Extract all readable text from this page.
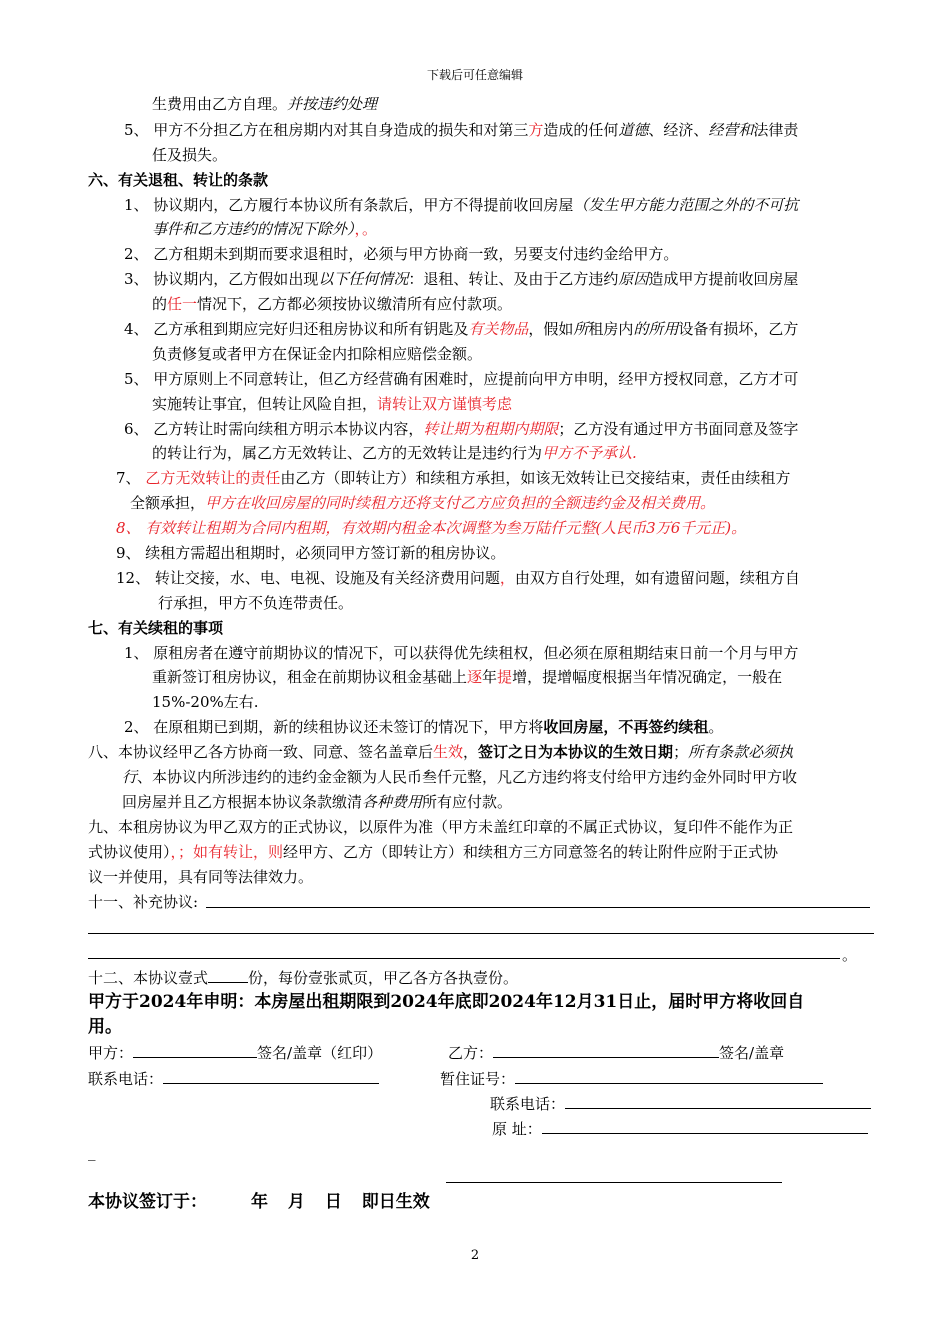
下载后可任意编辑
生费用由乙方自理。并按违约处理
5、 甲方不分担乙方在租房期内对其自身造成的损失和对第三方造成的任何道德、经济、经营和法律责
任及损失。
六、有关退租、转让的条款
1、 协议期内，乙方履行本协议所有条款后，甲方不得提前收回房屋（发生甲方能力范围之外的不可抗
事件和乙方违约的情况下除外），。
2、 乙方租期未到期而要求退租时，必须与甲方协商一致，另要支付违约金给甲方。
3、 协议期内，乙方假如出现以下任何情况：退租、转让、及由于乙方违约原因造成甲方提前收回房屋
的任一情况下，乙方都必须按协议缴清所有应付款项。
4、 乙方承租到期应完好归还租房协议和所有钥匙及有关物品，假如所租房内的所用设备有损坏，乙方
负责修复或者甲方在保证金内扣除相应赔偿金额。
5、 甲方原则上不同意转让，但乙方经营确有困难时，应提前向甲方申明，经甲方授权同意，乙方才可
实施转让事宜，但转让风险自担，请转让双方谨慎考虑
6、 乙方转让时需向续租方明示本协议内容，转让期为租期内期限；乙方没有通过甲方书面同意及签字
的转让行为，属乙方无效转让、乙方的无效转让是违约行为甲方不予承认.
7、 乙方无效转让的责任由乙方（即转让方）和续租方承担，如该无效转让已交接结束，责任由续租方
全额承担，甲方在收回房屋的同时续租方还将支付乙方应负担的全额违约金及相关费用。
8、 有效转让租期为合同内租期，有效期内租金本次调整为叁万陆仟元整(人民币3万6千元正)。
9、 续租方需超出租期时，必须同甲方签订新的租房协议。
12、 转让交接，水、电、电视、设施及有关经济费用问题，由双方自行处理，如有遗留问题，续租方自
行承担，甲方不负连带责任。
七、有关续租的事项
1、 原租房者在遵守前期协议的情况下，可以获得优先续租权，但必须在原租期结束日前一个月与甲方
重新签订租房协议，租金在前期协议租金基础上逐年提增，提增幅度根据当年情况确定，一般在
15%-20%左右.
2、 在原租期已到期，新的续租协议还未签订的情况下，甲方将收回房屋，不再签约续租。
八、本协议经甲乙各方协商一致、同意、签名盖章后生效，签订之日为本协议的生效日期；所有条款必须执
行、本协议内所涉违约的违约金金额为人民币叁仟元整，凡乙方违约将支付给甲方违约金外同时甲方收
回房屋并且乙方根据本协议条款缴清各种费用所有应付款。
九、本租房协议为甲乙双方的正式协议，以原件为准（甲方未盖红印章的不属正式协议，复印件不能作为正
式协议使用），；如有转让，则经甲方、乙方（即转让方）和续租方三方同意签名的转让附件应附于正式协
议一并使用，具有同等法律效力。
十一、补充协议:
。
十二、本协议壹式	份，每份壹张贰页，甲乙各方各执壹份。
甲方于2024年申明：本房屋出租期限到2024年底即2024年12月31日止，届时甲方将收回自
用。
甲方：	签名/盖章（红印）	乙方：	签名/盖章
联系电话：	暂住证号：
联系电话：
原 址：
_
本协议签订于：	年 月 日 即日生效
2
